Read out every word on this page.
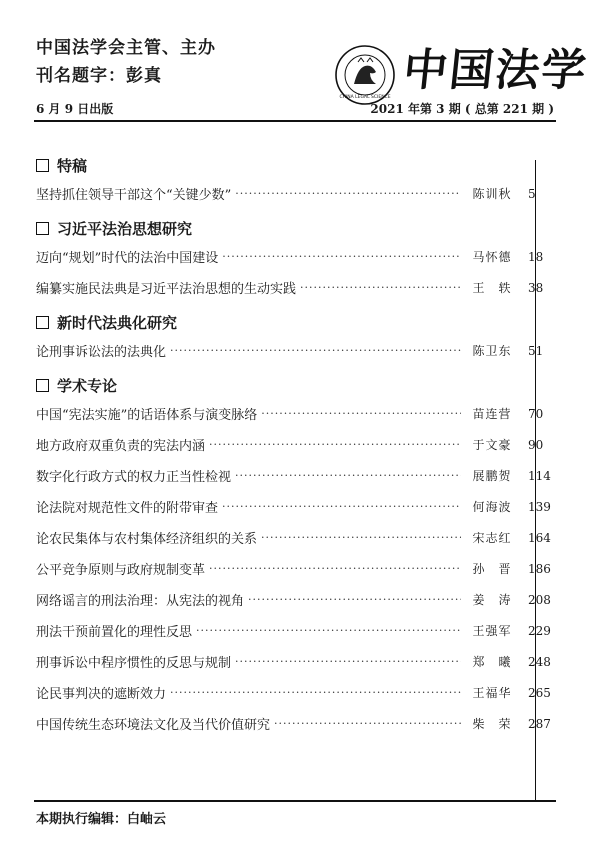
中国法学会主管、主办
刊名题字：彭真
CHINA LEGAL SCIENCE
中国法学
6 月 9 日出版	2021 年第 3 期 ( 总第 221 期 )
特稿
坚持抓住领导干部这个“关键少数” ·····	陈训秋	5
习近平法治思想研究
迈向“规划”时代的法治中国建设 ·····	马怀德	18
编纂实施民法典是习近平法治思想的生动实践 ·····	王　轶	38
新时代法典化研究
论刑事诉讼法的法典化 ·····	陈卫东	51
学术专论
中国“宪法实施”的话语体系与演变脉络 ·····	苗连营	70
地方政府双重负责的宪法内涵 ·····	于文豪	90
数字化行政方式的权力正当性检视 ·····	展鹏贺	114
论法院对规范性文件的附带审查 ·····	何海波	139
论农民集体与农村集体经济组织的关系 ·····	宋志红	164
公平竞争原则与政府规制变革 ·····	孙　晋	186
网络谣言的刑法治理：从宪法的视角 ·····	姜　涛	208
刑法干预前置化的理性反思 ·····	王强军	229
刑事诉讼中程序惯性的反思与规制 ·····	郑　曦	248
论民事判决的遮断效力 ·····	王福华	265
中国传统生态环境法文化及当代价值研究 ·····	柴　荣	287
本期执行编辑：白岫云
